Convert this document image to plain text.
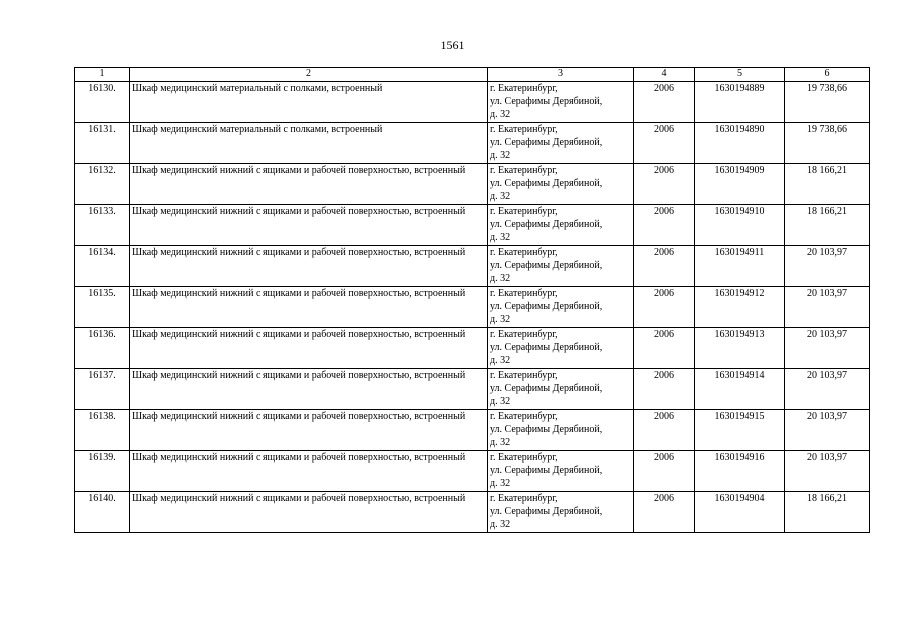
1561
1	2	3	4	5	6
16130.	Шкаф медицинский материальный с полками, встроенный	г. Екатеринбург,
ул. Серафимы Дерябиной,
д. 32	2006	1630194889	19 738,66
16131.	Шкаф медицинский материальный с полками, встроенный	г. Екатеринбург,
ул. Серафимы Дерябиной,
д. 32	2006	1630194890	19 738,66
16132.	Шкаф медицинский нижний с ящиками и рабочей поверхностью, встроенный	г. Екатеринбург,
ул. Серафимы Дерябиной,
д. 32	2006	1630194909	18 166,21
16133.	Шкаф медицинский нижний с ящиками и рабочей поверхностью, встроенный	г. Екатеринбург,
ул. Серафимы Дерябиной,
д. 32	2006	1630194910	18 166,21
16134.	Шкаф медицинский нижний с ящиками и рабочей поверхностью, встроенный	г. Екатеринбург,
ул. Серафимы Дерябиной,
д. 32	2006	1630194911	20 103,97
16135.	Шкаф медицинский нижний с ящиками и рабочей поверхностью, встроенный	г. Екатеринбург,
ул. Серафимы Дерябиной,
д. 32	2006	1630194912	20 103,97
16136.	Шкаф медицинский нижний с ящиками и рабочей поверхностью, встроенный	г. Екатеринбург,
ул. Серафимы Дерябиной,
д. 32	2006	1630194913	20 103,97
16137.	Шкаф медицинский нижний с ящиками и рабочей поверхностью, встроенный	г. Екатеринбург,
ул. Серафимы Дерябиной,
д. 32	2006	1630194914	20 103,97
16138.	Шкаф медицинский нижний с ящиками и рабочей поверхностью, встроенный	г. Екатеринбург,
ул. Серафимы Дерябиной,
д. 32	2006	1630194915	20 103,97
16139.	Шкаф медицинский нижний с ящиками и рабочей поверхностью, встроенный	г. Екатеринбург,
ул. Серафимы Дерябиной,
д. 32	2006	1630194916	20 103,97
16140.	Шкаф медицинский нижний с ящиками и рабочей поверхностью, встроенный	г. Екатеринбург,
ул. Серафимы Дерябиной,
д. 32	2006	1630194904	18 166,21
